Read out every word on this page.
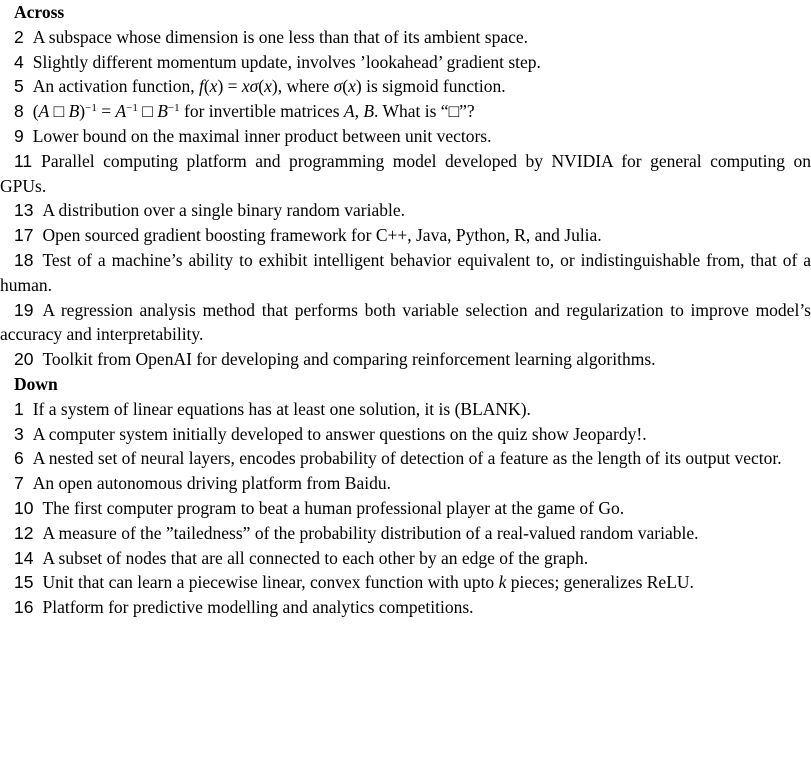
Across

2 A subspace whose dimension is one less than that of its ambient space.

4 Slightly different momentum update, involves ’lookahead’ gradient step.

5 An activation function, f(x) = xσ(x), where σ(x) is sigmoid function.

8 (A □ $B)^{-1} = A^{-1}$ □ $B^{-1}$ for invertible matrices A, B. What is “□”?

9 Lower bound on the maximal inner product between unit vectors.

11 Parallel computing platform and programming model developed by NVIDIA for general computing on GPUs.

13 A distribution over a single binary random variable.

17 Open sourced gradient boosting framework for C++, Java, Python, R, and Julia.

18 Test of a machine’s ability to exhibit intelligent behavior equivalent to, or indistinguishable from, that of a human.

19 A regression analysis method that performs both variable selection and regularization to improve model’s accuracy and interpretability.

20 Toolkit from OpenAI for developing and comparing reinforcement learning algorithms.

Down

1 If a system of linear equations has at least one solution, it is (BLANK).

3 A computer system initially developed to answer questions on the quiz show Jeopardy!.

6 A nested set of neural layers, encodes probability of detection of a feature as the length of its output vector.

7 An open autonomous driving platform from Baidu.

10 The first computer program to beat a human professional player at the game of Go.

12 A measure of the ”tailedness” of the probability distribution of a real-valued random variable.

14 A subset of nodes that are all connected to each other by an edge of the graph.

15 Unit that can learn a piecewise linear, convex function with upto k pieces; generalizes ReLU.

16 Platform for predictive modelling and analytics competitions.
